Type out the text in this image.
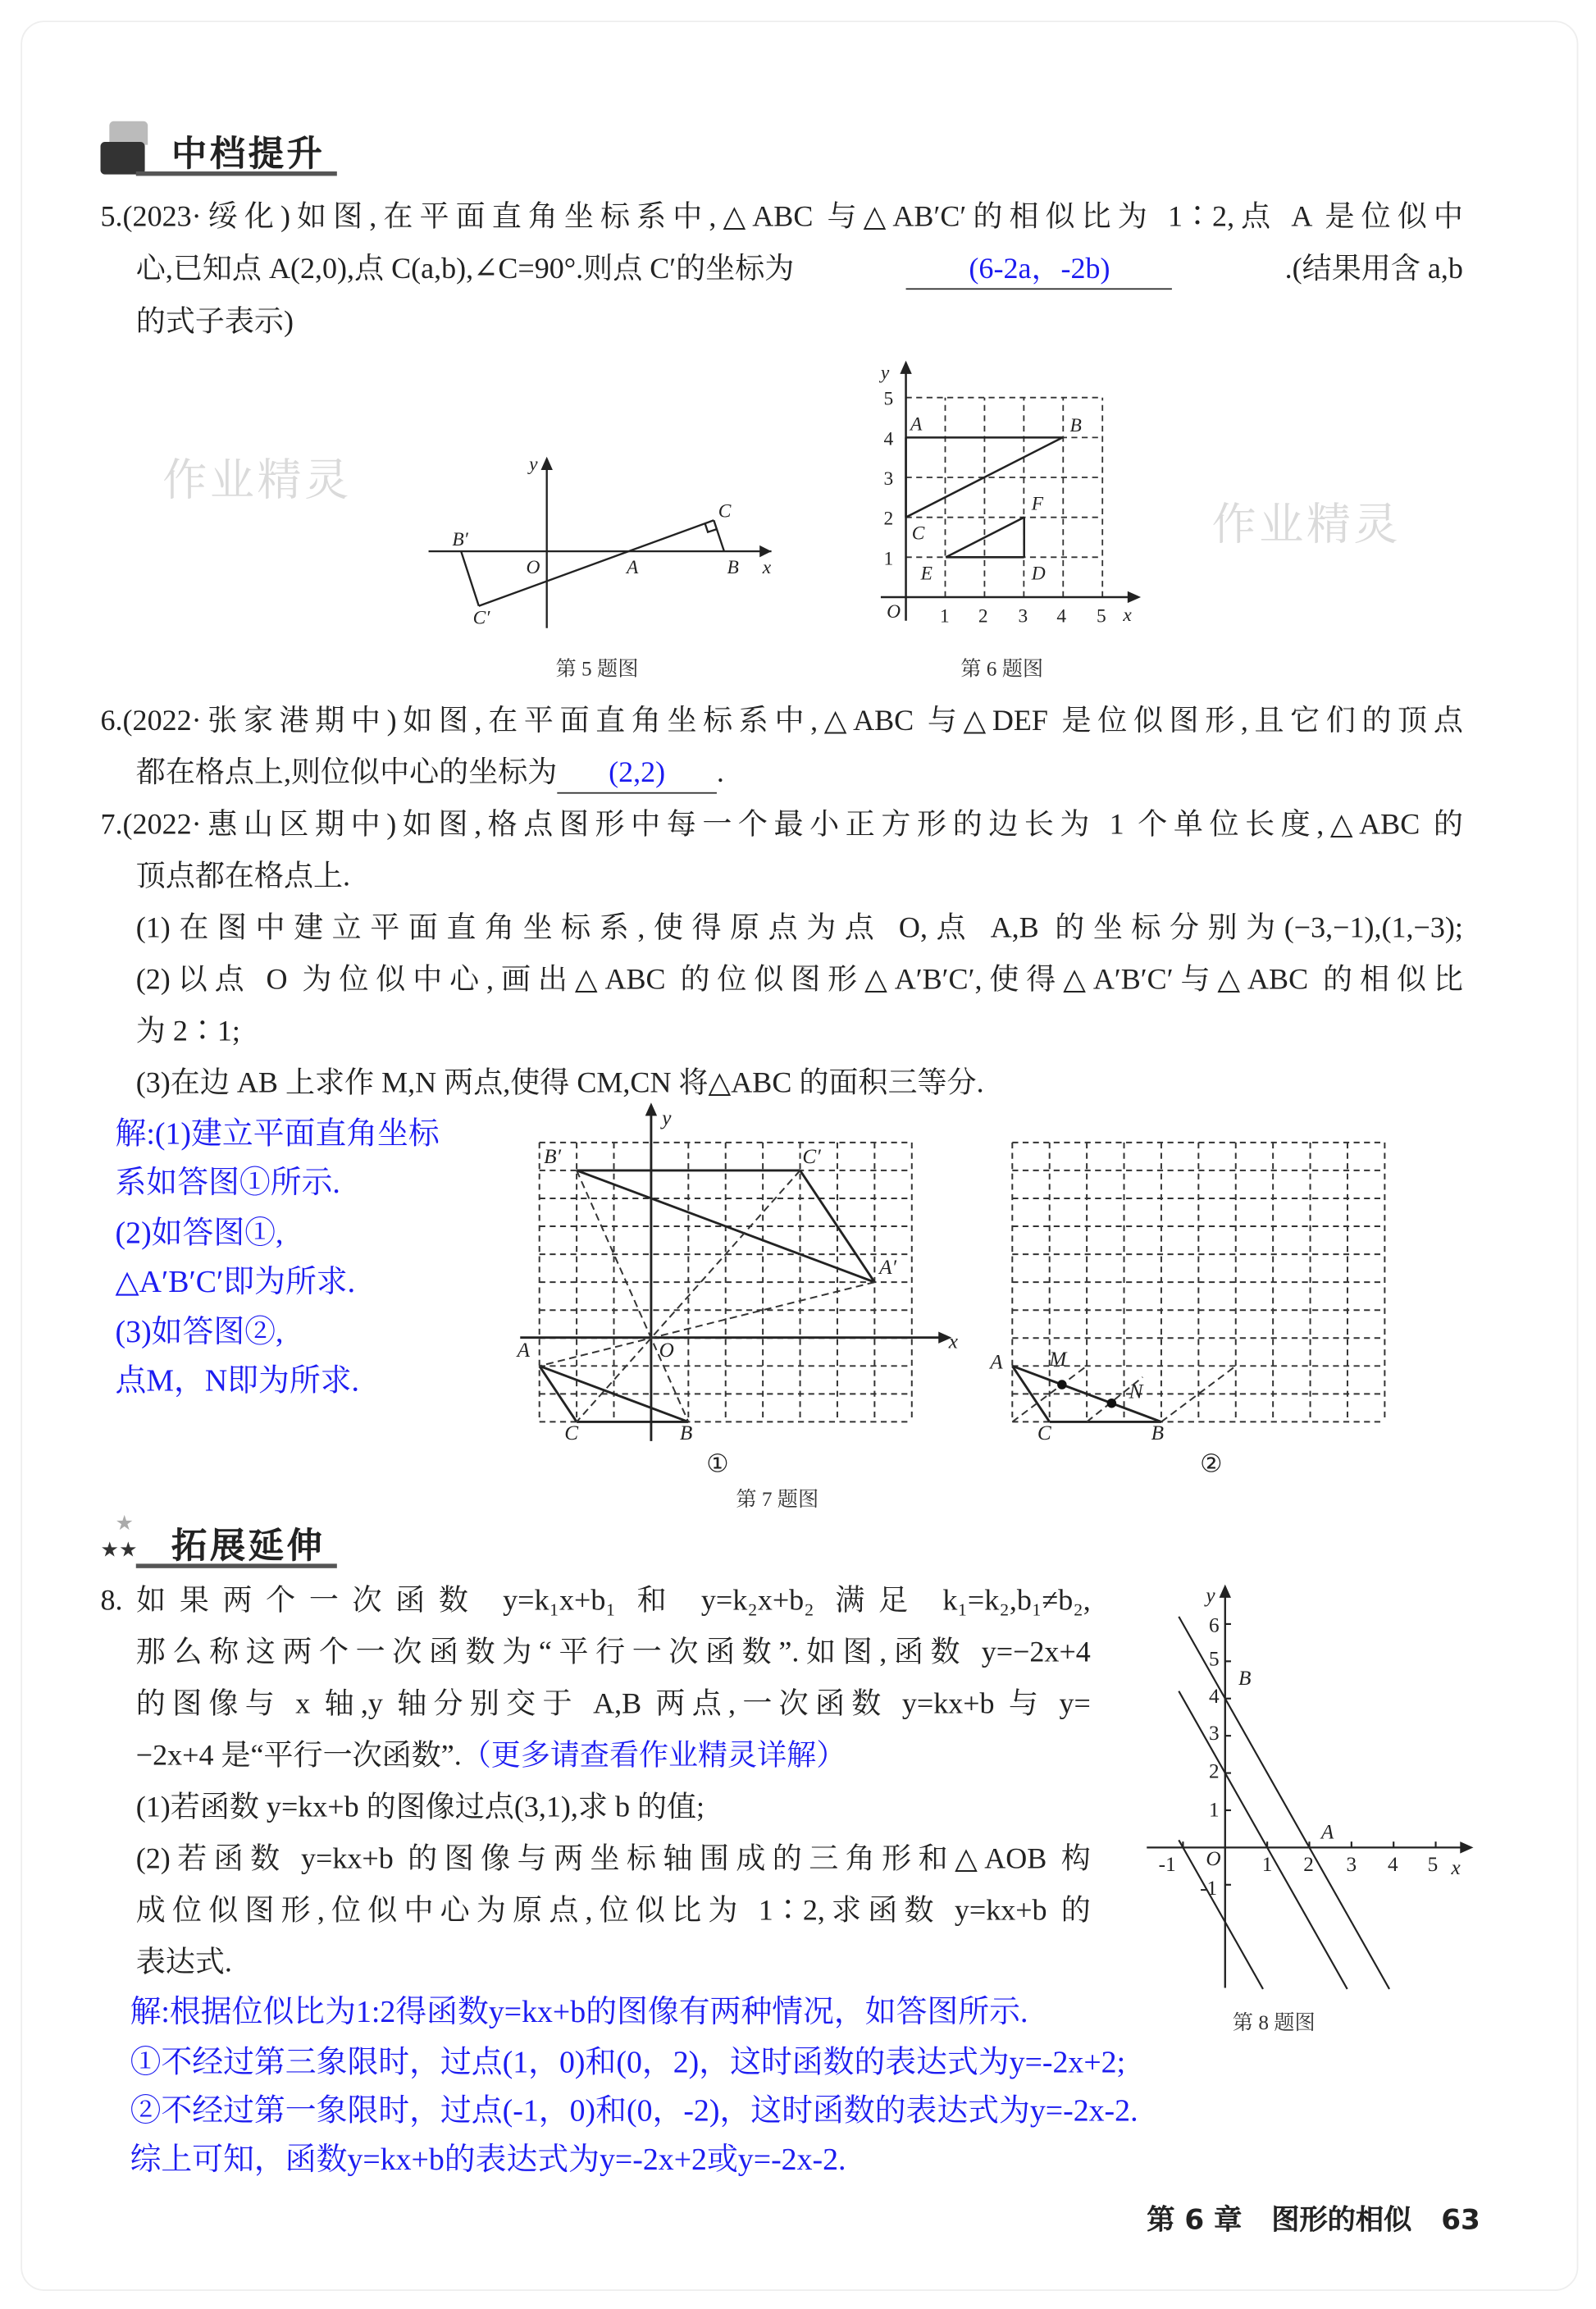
中档提升
5.(2023·绥化)如图,在平面直角坐标系中,△ABC 与△AB′C′的相似比为 1∶2,点 A 是位似中
心,已知点 A(2,0),点 C(a,b),∠C=90°.则点 C′的坐标为	(6-2a，-2b)	.(结果用含 a,b
的式子表示)
作业精灵	y
x
O	A	B
C
B′
C′
第 5 题图
y
x
O	1	2	3	4	5
1
2
3
4
5
A	B
C
F
E	D
第 6 题图
作业精灵
6.(2022·张家港期中)如图,在平面直角坐标系中,△ABC 与△DEF 是位似图形,且它们的顶点
都在格点上,则位似中心的坐标为	(2,2)	.
7.(2022·惠山区期中)如图,格点图形中每一个最小正方形的边长为 1 个单位长度,△ABC 的
顶点都在格点上.
(1)在图中建立平面直角坐标系,使得原点为点 O,点 A,B 的坐标分别为(−3,−1),(1,−3);
(2)以点 O 为位似中心,画出△ABC 的位似图形△A′B′C′,使得△A′B′C′与△ABC 的相似比
为 2∶1;
(3)在边 AB 上求作 M,N 两点,使得 CM,CN 将△ABC 的面积三等分.
解:(1)建立平面直角坐标
系如答图①所示.
(2)如答图①,
△A′B′C′即为所求.
(3)如答图②,
点M，N即为所求.
y
x
O
A
C	B
B′	C′
A′
A	M
N
C	B
①	②
第 7 题图
★★
★
拓展延伸
8.如果两个一次函数 y=k₁x+b₁ 和 y=k₂x+b₂ 满足 k₁=k₂,b₁≠b₂,
那么称这两个一次函数为“平行一次函数”.如图,函数 y=−2x+4
的图像与 x 轴,y 轴分别交于 A,B 两点,一次函数 y=kx+b 与 y=
−2x+4 是“平行一次函数”.（更多请查看作业精灵详解）
(1)若函数 y=kx+b 的图像过点(3,1),求 b 的值;
(2)若函数 y=kx+b 的图像与两坐标轴围成的三角形和△AOB 构
成位似图形,位似中心为原点,位似比为 1∶2,求函数 y=kx+b 的
表达式.
解:根据位似比为1:2得函数y=kx+b的图像有两种情况，如答图所示.
①不经过第三象限时，过点(1，0)和(0，2)，这时函数的表达式为y=-2x+2;
②不经过第一象限时，过点(-1，0)和(0，-2)，这时函数的表达式为y=-2x-2.
综上可知，函数y=kx+b的表达式为y=-2x+2或y=-2x-2.
-1	1	2	3	4	5
-1
1
2
3
4
5
6
O	x
y
A
B
第 8 题图
第 6 章 图形的相似 63
